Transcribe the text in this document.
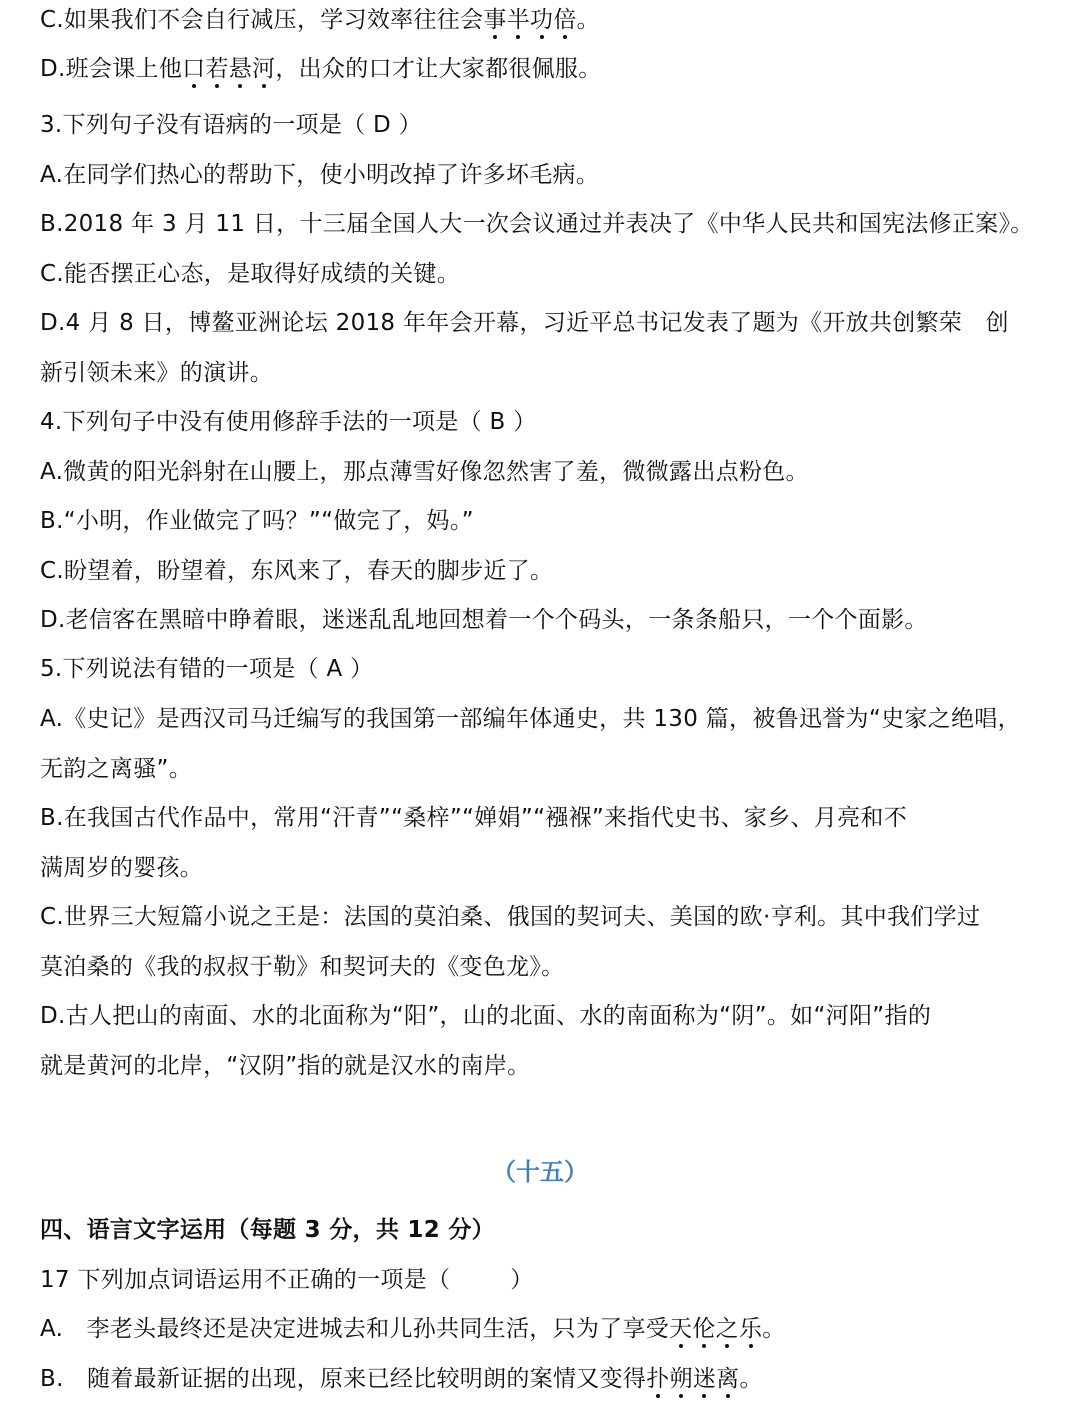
C.如果我们不会自行减压，学习效率往往会事半功倍。
D.班会课上他口若悬河，出众的口才让大家都很佩服。
3.下列句子没有语病的一项是（ D ）
A.在同学们热心的帮助下，使小明改掉了许多坏毛病。
B.2018 年 3 月 11 日，十三届全国人大一次会议通过并表决了《中华人民共和国宪法修正案》。
C.能否摆正心态，是取得好成绩的关键。
D.4 月 8 日，博鳌亚洲论坛 2018 年年会开幕，习近平总书记发表了题为《开放共创繁荣　创
新引领未来》的演讲。
4.下列句子中没有使用修辞手法的一项是（ B ）
A.微黄的阳光斜射在山腰上，那点薄雪好像忽然害了羞，微微露出点粉色。
B.“小明，作业做完了吗？”“做完了，妈。”
C.盼望着，盼望着，东风来了，春天的脚步近了。
D.老信客在黑暗中睁着眼，迷迷乱乱地回想着一个个码头，一条条船只，一个个面影。
5.下列说法有错的一项是（ A ）
A.《史记》是西汉司马迁编写的我国第一部编年体通史，共 130 篇，被鲁迅誉为“史家之绝唱，
无韵之离骚”。
B.在我国古代作品中，常用“汗青”“桑梓”“婵娟”“襁褓”来指代史书、家乡、月亮和不
满周岁的婴孩。
C.世界三大短篇小说之王是：法国的莫泊桑、俄国的契诃夫、美国的欧·亨利。其中我们学过
莫泊桑的《我的叔叔于勒》和契诃夫的《变色龙》。
D.古人把山的南面、水的北面称为“阳”，山的北面、水的南面称为“阴”。如“河阳”指的
就是黄河的北岸，“汉阴”指的就是汉水的南岸。
（十五）
四、语言文字运用（每题 3 分，共 12 分）
17 下列加点词语运用不正确的一项是（	）
A.　李老头最终还是决定进城去和儿孙共同生活，只为了享受天伦之乐。
B.　随着最新证据的出现，原来已经比较明朗的案情又变得扑朔迷离。
